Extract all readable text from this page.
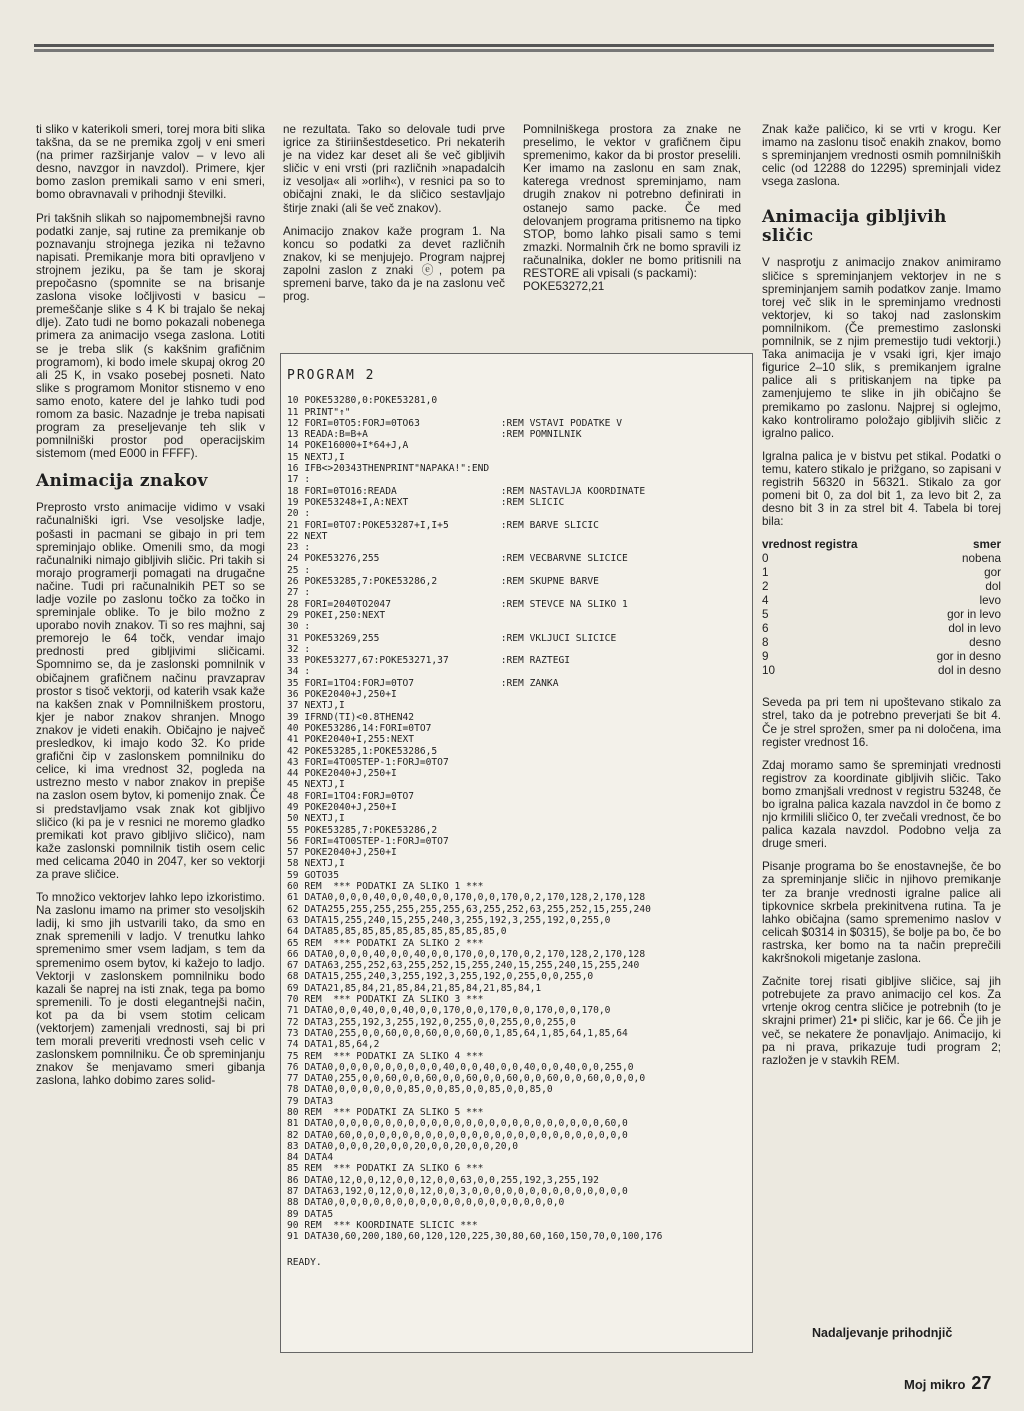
ti sliko v katerikoli smeri, torej mora biti slika takšna, da se ne premika zgolj v eni smeri (na primer razširjanje valov – v levo ali desno, navzgor in navzdol). Primere, kjer bomo zaslon premikali samo v eni smeri, bomo obravnavali v prihodnji številki.

Pri takšnih slikah so najpomembnejši ravno podatki zanje, saj rutine za premikanje ob poznavanju strojnega jezika ni težavno napisati. Premikanje mora biti opravljeno v strojnem jeziku, pa še tam je skoraj prepočasno (spomnite se na brisanje zaslona visoke ločljivosti v basicu – premeščanje slike s 4 K bi trajalo še nekaj dlje). Zato tudi ne bomo pokazali nobenega primera za animacijo vsega zaslona. Lotiti se je treba slik (s kakšnim grafičnim programom), ki bodo imele skupaj okrog 20 ali 25 K, in vsako posebej posneti. Nato slike s programom Monitor stisnemo v eno samo enoto, katere del je lahko tudi pod romom za basic. Nazadnje je treba napisati program za preseljevanje teh slik v pomnilniški prostor pod operacijskim sistemom (med E000 in FFFF).

Animacija znakov

Preprosto vrsto animacije vidimo v vsaki računalniški igri. Vse vesoljske ladje, pošasti in pacmani se gibajo in pri tem spreminjajo oblike. Omenili smo, da mogi računalniki nimajo gibljivih sličic. Pri takih si morajo programerji pomagati na drugačne načine. Tudi pri računalnikih PET so se ladje vozile po zaslonu točko za točko in spreminjale oblike. To je bilo možno z uporabo novih znakov. Ti so res majhni, saj premorejo le 64 točk, vendar imajo prednosti pred gibljivimi sličicami. Spomnimo se, da je zaslonski pomnilnik v običajnem grafičnem načinu pravzaprav prostor s tisoč vektorji, od katerih vsak kaže na kakšen znak v Pomnilniškem prostoru, kjer je nabor znakov shranjen. Mnogo znakov je videti enakih. Običajno je največ presledkov, ki imajo kodo 32. Ko pride grafični čip v zaslonskem pomnilniku do celice, ki ima vrednost 32, pogleda na ustrezno mesto v nabor znakov in prepiše na zaslon osem bytov, ki pomenijo znak. Če si predstavljamo vsak znak kot gibljivo sličico (ki pa je v resnici ne moremo gladko premikati kot pravo gibljivo sličico), nam kaže zaslonski pomnilnik tistih osem celic med celicama 2040 in 2047, ker so vektorji za prave sličice.

To množico vektorjev lahko lepo izkoristimo. Na zaslonu imamo na primer sto vesoljskih ladij, ki smo jih ustvarili tako, da smo en znak spremenili v ladjo. V trenutku lahko spremenimo smer vsem ladjam, s tem da spremenimo osem bytov, ki kažejo to ladjo. Vektorji v zaslonskem pomnilniku bodo kazali še naprej na isti znak, tega pa bomo spremenili. To je dosti elegantnejši način, kot pa da bi vsem stotim celicam (vektorjem) zamenjali vrednosti, saj bi pri tem morali preveriti vrednosti vseh celic v zaslonskem pomnilniku. Če ob spreminjanju znakov še menjavamo smeri gibanja zaslona, lahko dobimo zares solid-

ne rezultata. Tako so delovale tudi prve igrice za štiriinšestdesetico. Pri nekaterih je na videz kar deset ali še več gibljivih sličic v eni vrsti (pri različnih »napadalcih iz vesolja« ali »orlih«), v resnici pa so to običajni znaki, le da sličico sestavljajo štirje znaki (ali še več znakov).

Animacijo znakov kaže program 1. Na koncu so podatki za devet različnih znakov, ki se menjujejo. Program najprej zapolni zaslon z znaki ⓔ, potem pa spremeni barve, tako da je na zaslonu več prog.

Pomnilniškega prostora za znake ne preselimo, le vektor v grafičnem čipu spremenimo, kakor da bi prostor preselili. Ker imamo na zaslonu en sam znak, katerega vrednost spreminjamo, nam drugih znakov ni potrebno definirati in ostanejo samo packe. Če med delovanjem programa pritisnemo na tipko STOP, bomo lahko pisali samo s temi zmazki. Normalnih črk ne bomo spravili iz računalnika, dokler ne bomo pritisnili na RESTORE ali vpisali (s packami):

POKE53272,21

Znak kaže paličico, ki se vrti v krogu. Ker imamo na zaslonu tisoč enakih znakov, bomo s spreminjanjem vrednosti osmih pomnilniških celic (od 12288 do 12295) spreminjali videz vsega zaslona.

Animacija gibljivih sličic

V nasprotju z animacijo znakov animiramo sličice s spreminjanjem vektorjev in ne s spreminjanjem samih podatkov zanje. Imamo torej več slik in le spreminjamo vrednosti vektorjev, ki so takoj nad zaslonskim pomnilnikom. (Če premestimo zaslonski pomnilnik, se z njim premestijo tudi vektorji.) Taka animacija je v vsaki igri, kjer imajo figurice 2–10 slik, s premikanjem igralne palice ali s pritiskanjem na tipke pa zamenjujemo te slike in jih običajno še premikamo po zaslonu. Najprej si oglejmo, kako kontroliramo položajo gibljivih sličic z igralno palico.

Igralna palica je v bistvu pet stikal. Podatki o temu, katero stikalo je prižgano, so zapisani v registrih 56320 in 56321. Stikalo za gor pomeni bit 0, za dol bit 1, za levo bit 2, za desno bit 3 in za strel bit 4. Tabela bi torej bila:

vrednost registra	smer
0	nobena
1	gor
2	dol
4	levo
5	gor in levo
6	dol in levo
8	desno
9	gor in desno
10	dol in desno

Seveda pa pri tem ni upoštevano stikalo za strel, tako da je potrebno preverjati še bit 4. Če je strel sprožen, smer pa ni določena, ima register vrednost 16.

Zdaj moramo samo še spreminjati vrednosti registrov za koordinate gibljivih sličic. Tako bomo zmanjšali vrednost v registru 53248, če bo igralna palica kazala navzdol in če bomo z njo krmilili sličico 0, ter zvečali vrednost, če bo palica kazala navzdol. Podobno velja za druge smeri.

Pisanje programa bo še enostavnejše, če bo za spreminjanje sličic in njihovo premikanje ter za branje vrednosti igralne palice ali tipkovnice skrbela prekinitvena rutina. Ta je lahko običajna (samo spremenimo naslov v celicah $0314 in $0315), še bolje pa bo, če bo rastrska, ker bomo na ta način preprečili kakršnokoli migetanje zaslona.

Začnite torej risati gibljive sličice, saj jih potrebujete za pravo animacijo cel kos. Za vrtenje okrog centra sličice je potrebnih (to je skrajni primer) 21• pi sličic, kar je 66. Če jih je več, se nekatere že ponavljajo. Animacijo, ki pa ni prava, prikazuje tudi program 2; razložen je v stavkih REM.

PROGRAM 2
10 POKE53280,0:POKE53281,0
11 PRINT"↑"
12 FORI=0TO5:FORJ=0TO63              :REM VSTAVI PODATKE V
13 READA:B=B+A                       :REM POMNILNIK
14 POKE16000+I*64+J,A
15 NEXTJ,I
16 IFB<>20343THENPRINT"NAPAKA!":END
17 :
18 FORI=0TO16:READA                  :REM NASTAVLJA KOORDINATE
19 POKE53248+I,A:NEXT                :REM SLICIC
20 :
21 FORI=0TO7:POKE53287+I,I+5         :REM BARVE SLICIC
22 NEXT
23 :
24 POKE53276,255                     :REM VECBARVNE SLICICE
25 :
26 POKE53285,7:POKE53286,2           :REM SKUPNE BARVE
27 :
28 FORI=2040TO2047                   :REM STEVCE NA SLIKO 1
29 POKEI,250:NEXT
30 :
31 POKE53269,255                     :REM VKLJUCI SLICICE
32 :
33 POKE53277,67:POKE53271,37         :REM RAZTEGI
34 :
35 FORI=1TO4:FORJ=0TO7               :REM ZANKA
36 POKE2040+J,250+I
37 NEXTJ,I
39 IFRND(TI)<0.8THEN42
40 POKE53286,14:FORI=0TO7
41 POKE2040+I,255:NEXT
42 POKE53285,1:POKE53286,5
43 FORI=4TO0STEP-1:FORJ=0TO7
44 POKE2040+J,250+I
45 NEXTJ,I
48 FORI=1TO4:FORJ=0TO7
49 POKE2040+J,250+I
50 NEXTJ,I
55 POKE53285,7:POKE53286,2
56 FORI=4TO0STEP-1:FORJ=0TO7
57 POKE2040+J,250+I
58 NEXTJ,I
59 GOTO35
60 REM  *** PODATKI ZA SLIKO 1 ***
61 DATA0,0,0,0,40,0,0,40,0,0,170,0,0,170,0,2,170,128,2,170,128
62 DATA255,255,255,255,255,255,63,255,252,63,255,252,15,255,240
63 DATA15,255,240,15,255,240,3,255,192,3,255,192,0,255,0
64 DATA85,85,85,85,85,85,85,85,85,85,0
65 REM  *** PODATKI ZA SLIKO 2 ***
66 DATA0,0,0,0,40,0,0,40,0,0,170,0,0,170,0,2,170,128,2,170,128
67 DATA63,255,252,63,255,252,15,255,240,15,255,240,15,255,240
68 DATA15,255,240,3,255,192,3,255,192,0,255,0,0,255,0
69 DATA21,85,84,21,85,84,21,85,84,21,85,84,1
70 REM  *** PODATKI ZA SLIKO 3 ***
71 DATA0,0,0,40,0,0,40,0,0,170,0,0,170,0,0,170,0,0,170,0
72 DATA3,255,192,3,255,192,0,255,0,0,255,0,0,255,0
73 DATA0,255,0,0,60,0,0,60,0,0,60,0,1,85,64,1,85,64,1,85,64
74 DATA1,85,64,2
75 REM  *** PODATKI ZA SLIKO 4 ***
76 DATA0,0,0,0,0,0,0,0,0,0,40,0,0,40,0,0,40,0,0,40,0,0,255,0
77 DATA0,255,0,0,60,0,0,60,0,0,60,0,0,60,0,0,60,0,0,60,0,0,0,0
78 DATA0,0,0,0,0,0,0,85,0,0,85,0,0,85,0,0,85,0
79 DATA3
80 REM  *** PODATKI ZA SLIKO 5 ***
81 DATA0,0,0,0,0,0,0,0,0,0,0,0,0,0,0,0,0,0,0,0,0,0,0,0,60,0
82 DATA0,60,0,0,0,0,0,0,0,0,0,0,0,0,0,0,0,0,0,0,0,0,0,0,0,0
83 DATA0,0,0,0,20,0,0,20,0,0,20,0,0,20,0
84 DATA4
85 REM  *** PODATKI ZA SLIKO 6 ***
86 DATA0,12,0,0,12,0,0,12,0,0,63,0,0,255,192,3,255,192
87 DATA63,192,0,12,0,0,12,0,0,3,0,0,0,0,0,0,0,0,0,0,0,0,0,0
88 DATA0,0,0,0,0,0,0,0,0,0,0,0,0,0,0,0,0,0,0,0,0
89 DATA5
90 REM  *** KOORDINATE SLICIC ***
91 DATA30,60,200,180,60,120,120,225,30,80,60,160,150,70,0,100,176
READY.
Nadaljevanje prihodnjič
Moj mikro 27
